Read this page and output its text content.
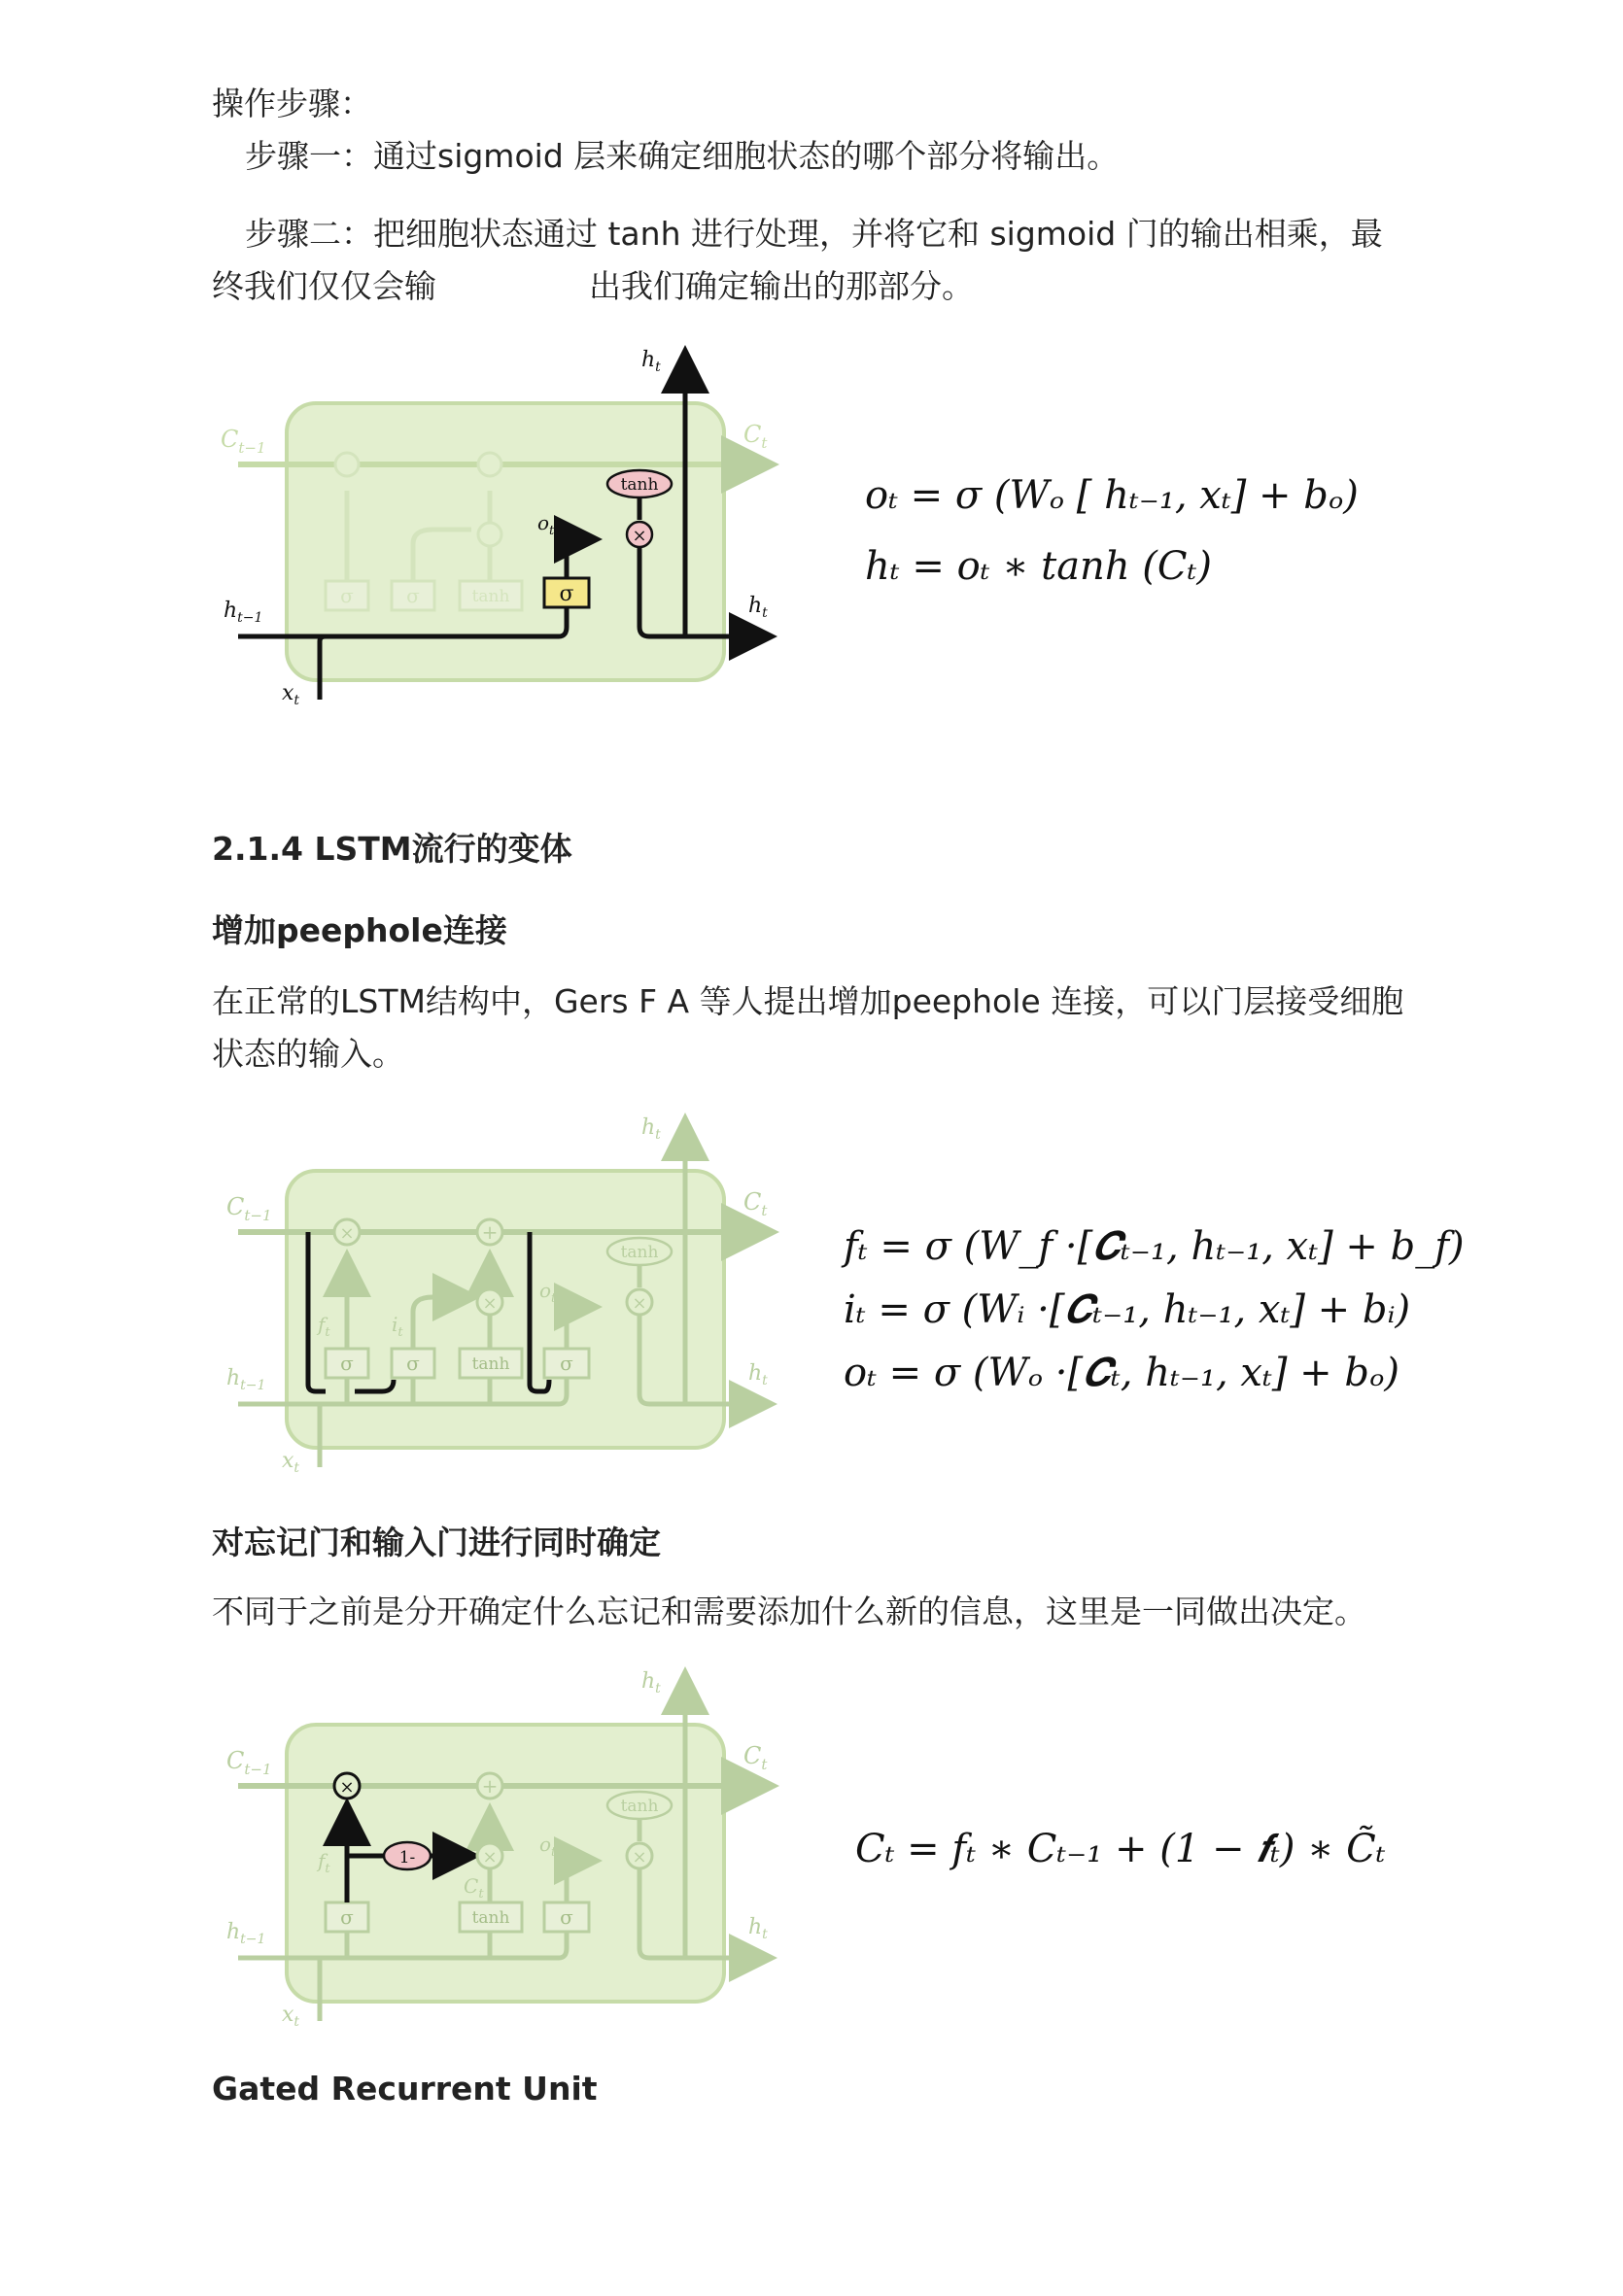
操作步骤：
步骤一：通过sigmoid 层来确定细胞状态的哪个部分将输出。
步骤二：把细胞状态通过 tanh 进行处理，并将它和 sigmoid 门的输出相乘，最
终我们仅仅会输	出我们确定输出的那部分。
σ	σ	tanh
$C_{t-1}$	$C_t$
σ
tanh
×
$o_t$
$h_t$
$h_{t-1}$	$h_t$
$x_t$
oₜ = σ (Wₒ [ hₜ₋₁, xₜ] + bₒ)
hₜ = oₜ ∗ tanh (Cₜ)
2.1.4 LSTM流行的变体
增加peephole连接
在正常的LSTM结构中，Gers F A 等人提出增加peephole 连接，可以门层接受细胞
状态的输入。
×	+
×	×
tanh
σ	σ	tanh	σ
$C_{t-1}$	$C_t$
$h_t$
$h_{t-1}$	$h_t$
$x_t$
$f_t$	$i_t$
$o_t$
fₜ = σ (W_f ·[𝑪ₜ₋₁, hₜ₋₁, xₜ] + b_f)
iₜ = σ (Wᵢ ·[𝑪ₜ₋₁, hₜ₋₁, xₜ] + bᵢ)
oₜ = σ (Wₒ ·[𝑪ₜ, hₜ₋₁, xₜ] + bₒ)
对忘记门和输入门进行同时确定
不同于之前是分开确定什么忘记和需要添加什么新的信息，这里是一同做出决定。
+
×
tanh
σ	tanh	σ
×
×
1-
$C_{t-1}$	$C_t$
$h_t$
$h_{t-1}$	$h_t$
$x_t$
$f_t$
$o_t$
$C_t$
Cₜ = fₜ ∗ Cₜ₋₁ + (1 − 𝒇ₜ) ∗ C̃ₜ
Gated Recurrent Unit
